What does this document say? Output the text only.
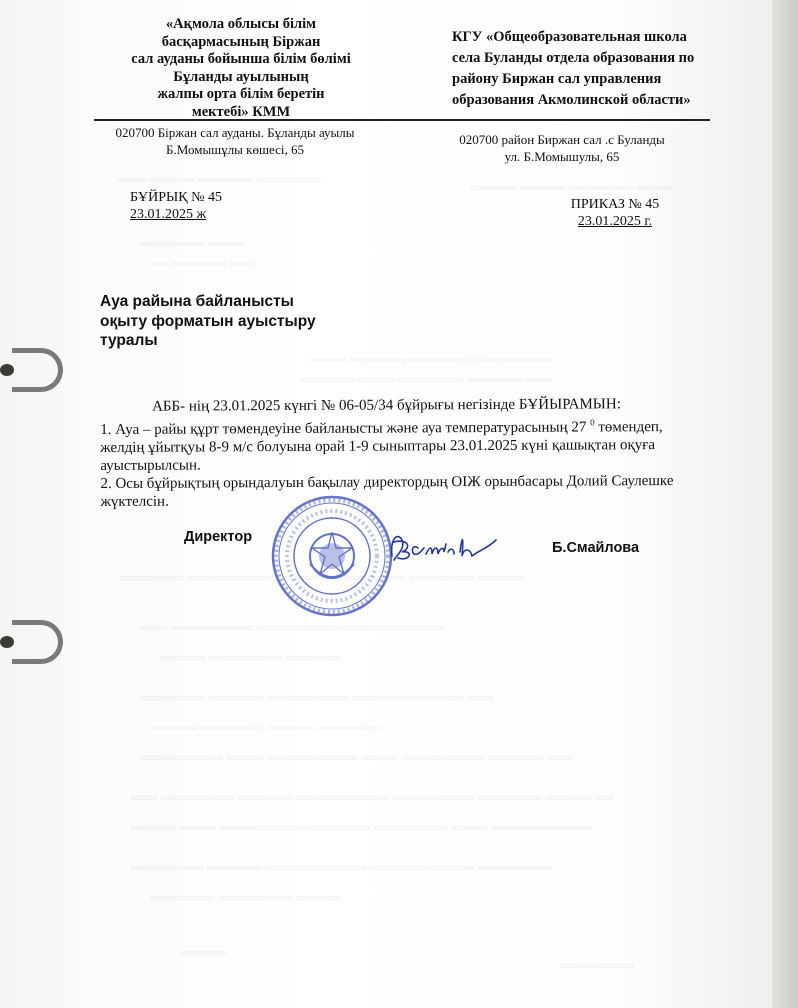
═══ ═════ ══════ ═══════
═════ ═════ ═══════ ════
═══════ ════
══ ══════ ═══
════ ══════ ═══════ ════════
══════ ════ ═══════ ══════ ═══
═══════ ══════════ ═════ ════════ ═══════ ═════
═══ ═════════ ═════════ ═══════════
═════ ════════ ══════
═══════ ══════ ═════════ ════════════ ═══
═════ ═══════ ═════ ═══════
═════════ ════ ══════════ ════ ═════════ ══════ ═══
═══ ════════ ══════ ══════════ ═════════ ═══════ ═════ ══
═════ ════ ═════════ ═══════ ════════ ════ ═══════════
════════ ══════ ═══════════ ══════ ═════ ════════
═══════ ════════ ═════
═════
════════
«Ақмола облысы білім
басқармасының Біржан
сал ауданы бойынша білім бөлімі
Бұланды ауылының
жалпы орта білім беретін
мектебі» КММ
КГУ «Общеобразовательная школа
села Буланды отдела образования по
району Биржан сал управления
образования Акмолинской области»
020700 Біржан сал ауданы. Бұланды ауылы
Б.Момышұлы көшесі, 65
020700 район Биржан сал .с Буланды
ул. Б.Момышулы, 65
БҰЙРЫҚ № 45
23.01.2025 ж
ПРИКАЗ № 45
23.01.2025 г.
Ауа райына байланысты
оқыту форматын ауыстыру
туралы

АББ- нің 23.01.2025 күнгі № 06-05/34 бұйрығы негізінде БҰЙЫРАМЫН:

1. Ауа – райы құрт төмендеуіне байланысты және ауа температурасының 27 $^0$ төмендеп, желдің ұйытқуы 8-9 м/с болуына орай 1-9 сыныптары 23.01.2025 күні қашықтан оқуға ауыстырылсын.

2. Осы бұйрықтың орындалуын бақылау директордың ОІЖ орынбасары Долий Саулешке жүктелсін.

Директор
Б.Смайлова
